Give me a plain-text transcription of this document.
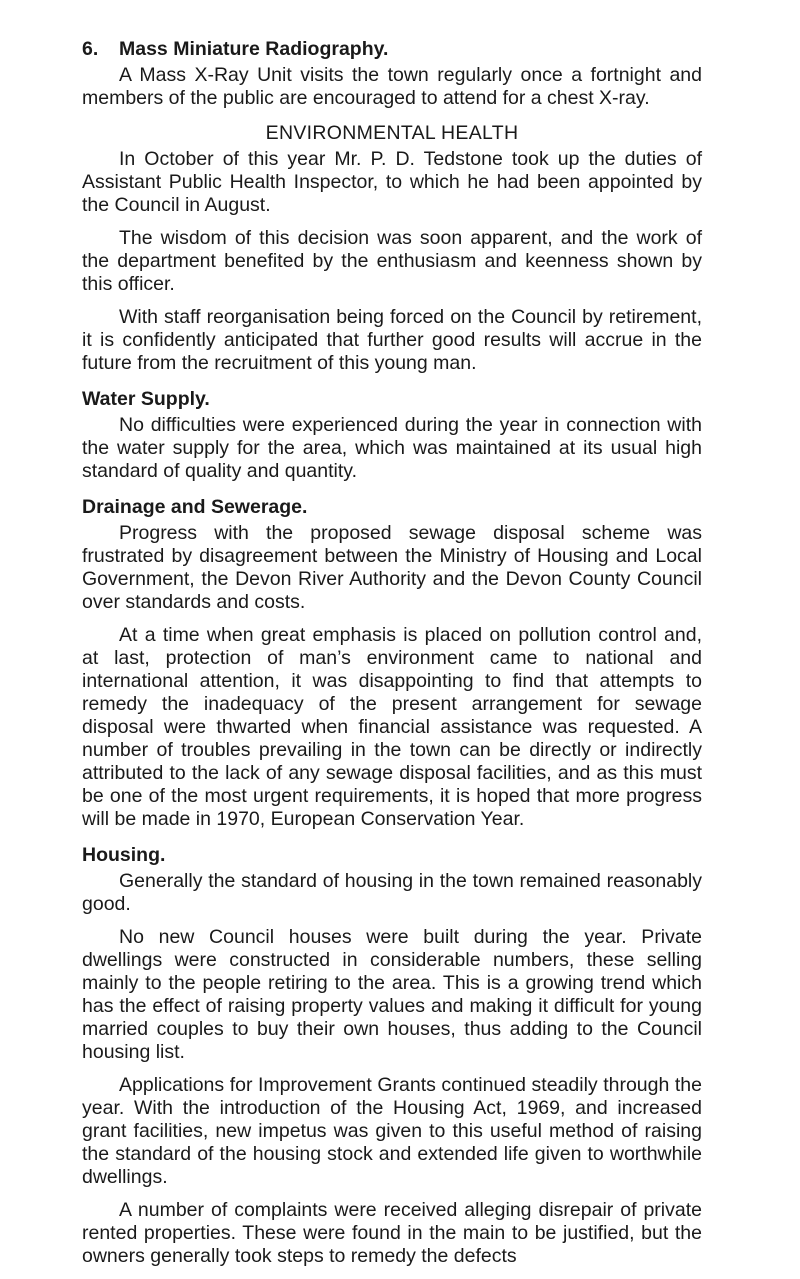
6. Mass Miniature Radiography.

A Mass X-Ray Unit visits the town regularly once a fortnight and members of the public are encouraged to attend for a chest X-ray.

ENVIRONMENTAL HEALTH

In October of this year Mr. P. D. Tedstone took up the duties of Assistant Public Health Inspector, to which he had been appointed by the Council in August.

The wisdom of this decision was soon apparent, and the work of the department benefited by the enthusiasm and keenness shown by this officer.

With staff reorganisation being forced on the Council by retirement, it is confidently anticipated that further good results will accrue in the future from the recruitment of this young man.

Water Supply.

No difficulties were experienced during the year in connection with the water supply for the area, which was maintained at its usual high standard of quality and quantity.

Drainage and Sewerage.

Progress with the proposed sewage disposal scheme was frustrated by disagreement between the Ministry of Housing and Local Government, the Devon River Authority and the Devon County Council over standards and costs.

At a time when great emphasis is placed on pollution control and, at last, protection of man’s environment came to national and international attention, it was disappointing to find that attempts to remedy the inadequacy of the present arrangement for sewage disposal were thwarted when financial assistance was requested. A number of troubles prevailing in the town can be directly or indirectly attributed to the lack of any sewage disposal facilities, and as this must be one of the most urgent requirements, it is hoped that more progress will be made in 1970, European Conservation Year.

Housing.

Generally the standard of housing in the town remained reasonably good.

No new Council houses were built during the year. Private dwellings were constructed in considerable numbers, these selling mainly to the people retiring to the area. This is a growing trend which has the effect of raising property values and making it difficult for young married couples to buy their own houses, thus adding to the Council housing list.

Applications for Improvement Grants continued steadily through the year. With the introduction of the Housing Act, 1969, and increased grant facilities, new impetus was given to this useful method of raising the standard of the housing stock and extended life given to worthwhile dwellings.

A number of complaints were received alleging disrepair of private rented properties. These were found in the main to be justified, but the owners generally took steps to remedy the defects
